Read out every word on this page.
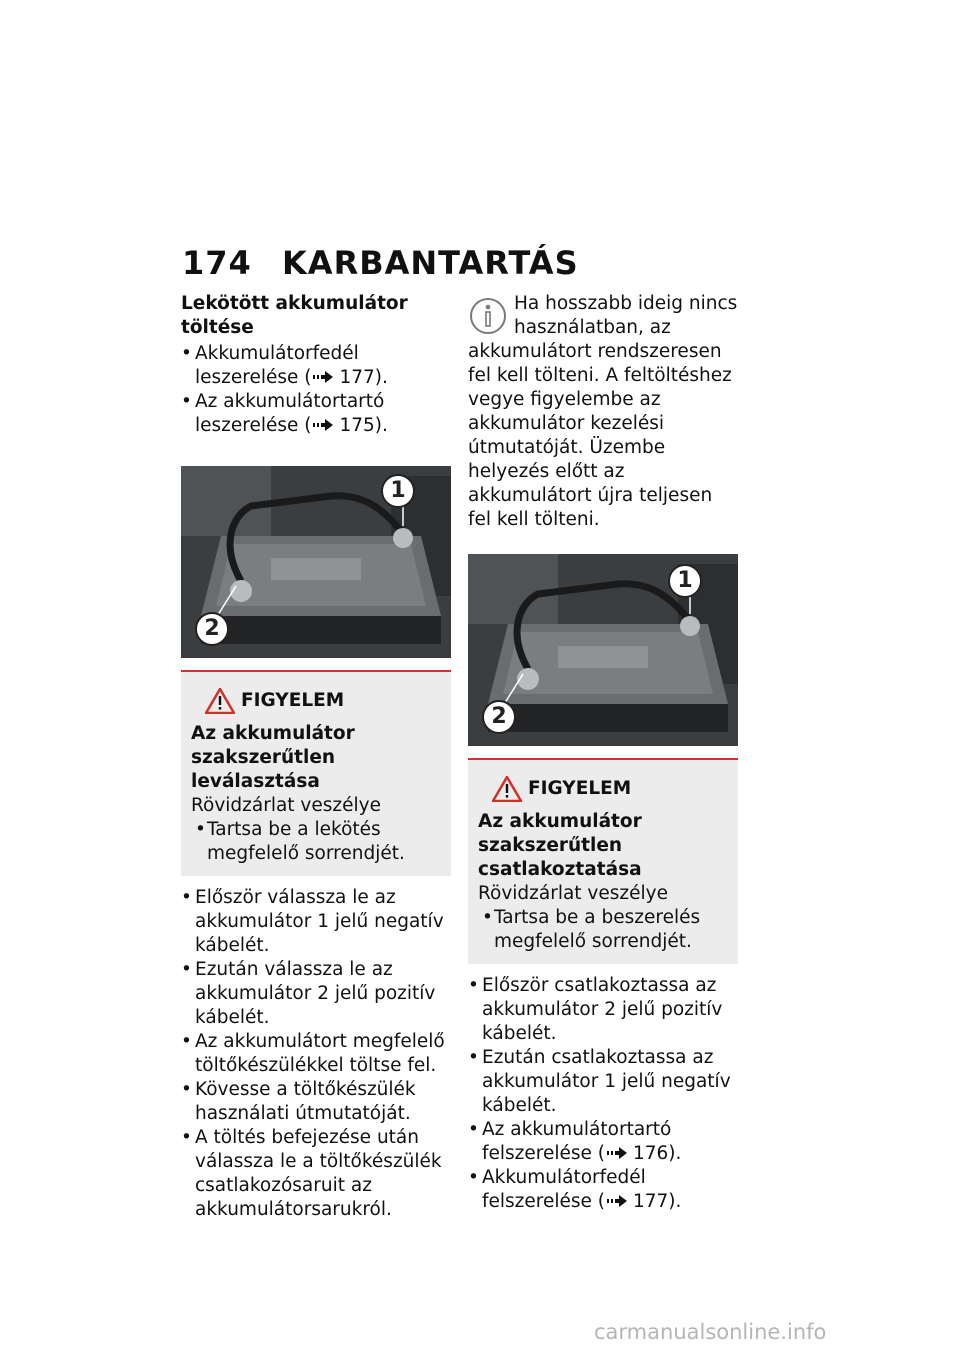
174 KARBANTARTÁS
Lekötött akkumulátor töltése
• Akkumulátorfedél leszerelése ( 177).
• Az akkumulátortartó leszerelése ( 175).
1
2
FIGYELEM
Az akkumulátor szakszerűtlen leválasztása
Rövidzárlat veszélye
• Tartsa be a lekötés megfelelő sorrendjét.
• Először válassza le az akkumulátor 1 jelű negatív kábelét.
• Ezután válassza le az akkumulátor 2 jelű pozitív kábelét.
• Az akkumulátort megfelelő töltőkészülékkel töltse fel.
• Kövesse a töltőkészülék használati útmutatóját.
• A töltés befejezése után válassza le a töltőkészülék csatlakozósaruit az akkumulátorsarukról.
Ha hosszabb ideig nincs használatban, az akkumulátort rendszeresen fel kell tölteni. A feltöltéshez vegye figyelembe az akkumulátor kezelési útmutatóját. Üzembe helyezés előtt az akkumulátort újra teljesen fel kell tölteni.
1
2
FIGYELEM
Az akkumulátor szakszerűtlen csatlakoztatása
Rövidzárlat veszélye
• Tartsa be a beszerelés megfelelő sorrendjét.
• Először csatlakoztassa az akkumulátor 2 jelű pozitív kábelét.
• Ezután csatlakoztassa az akkumulátor 1 jelű negatív kábelét.
• Az akkumulátortartó felszerelése ( 176).
• Akkumulátorfedél felszerelése ( 177).
carmanualsonline.info
